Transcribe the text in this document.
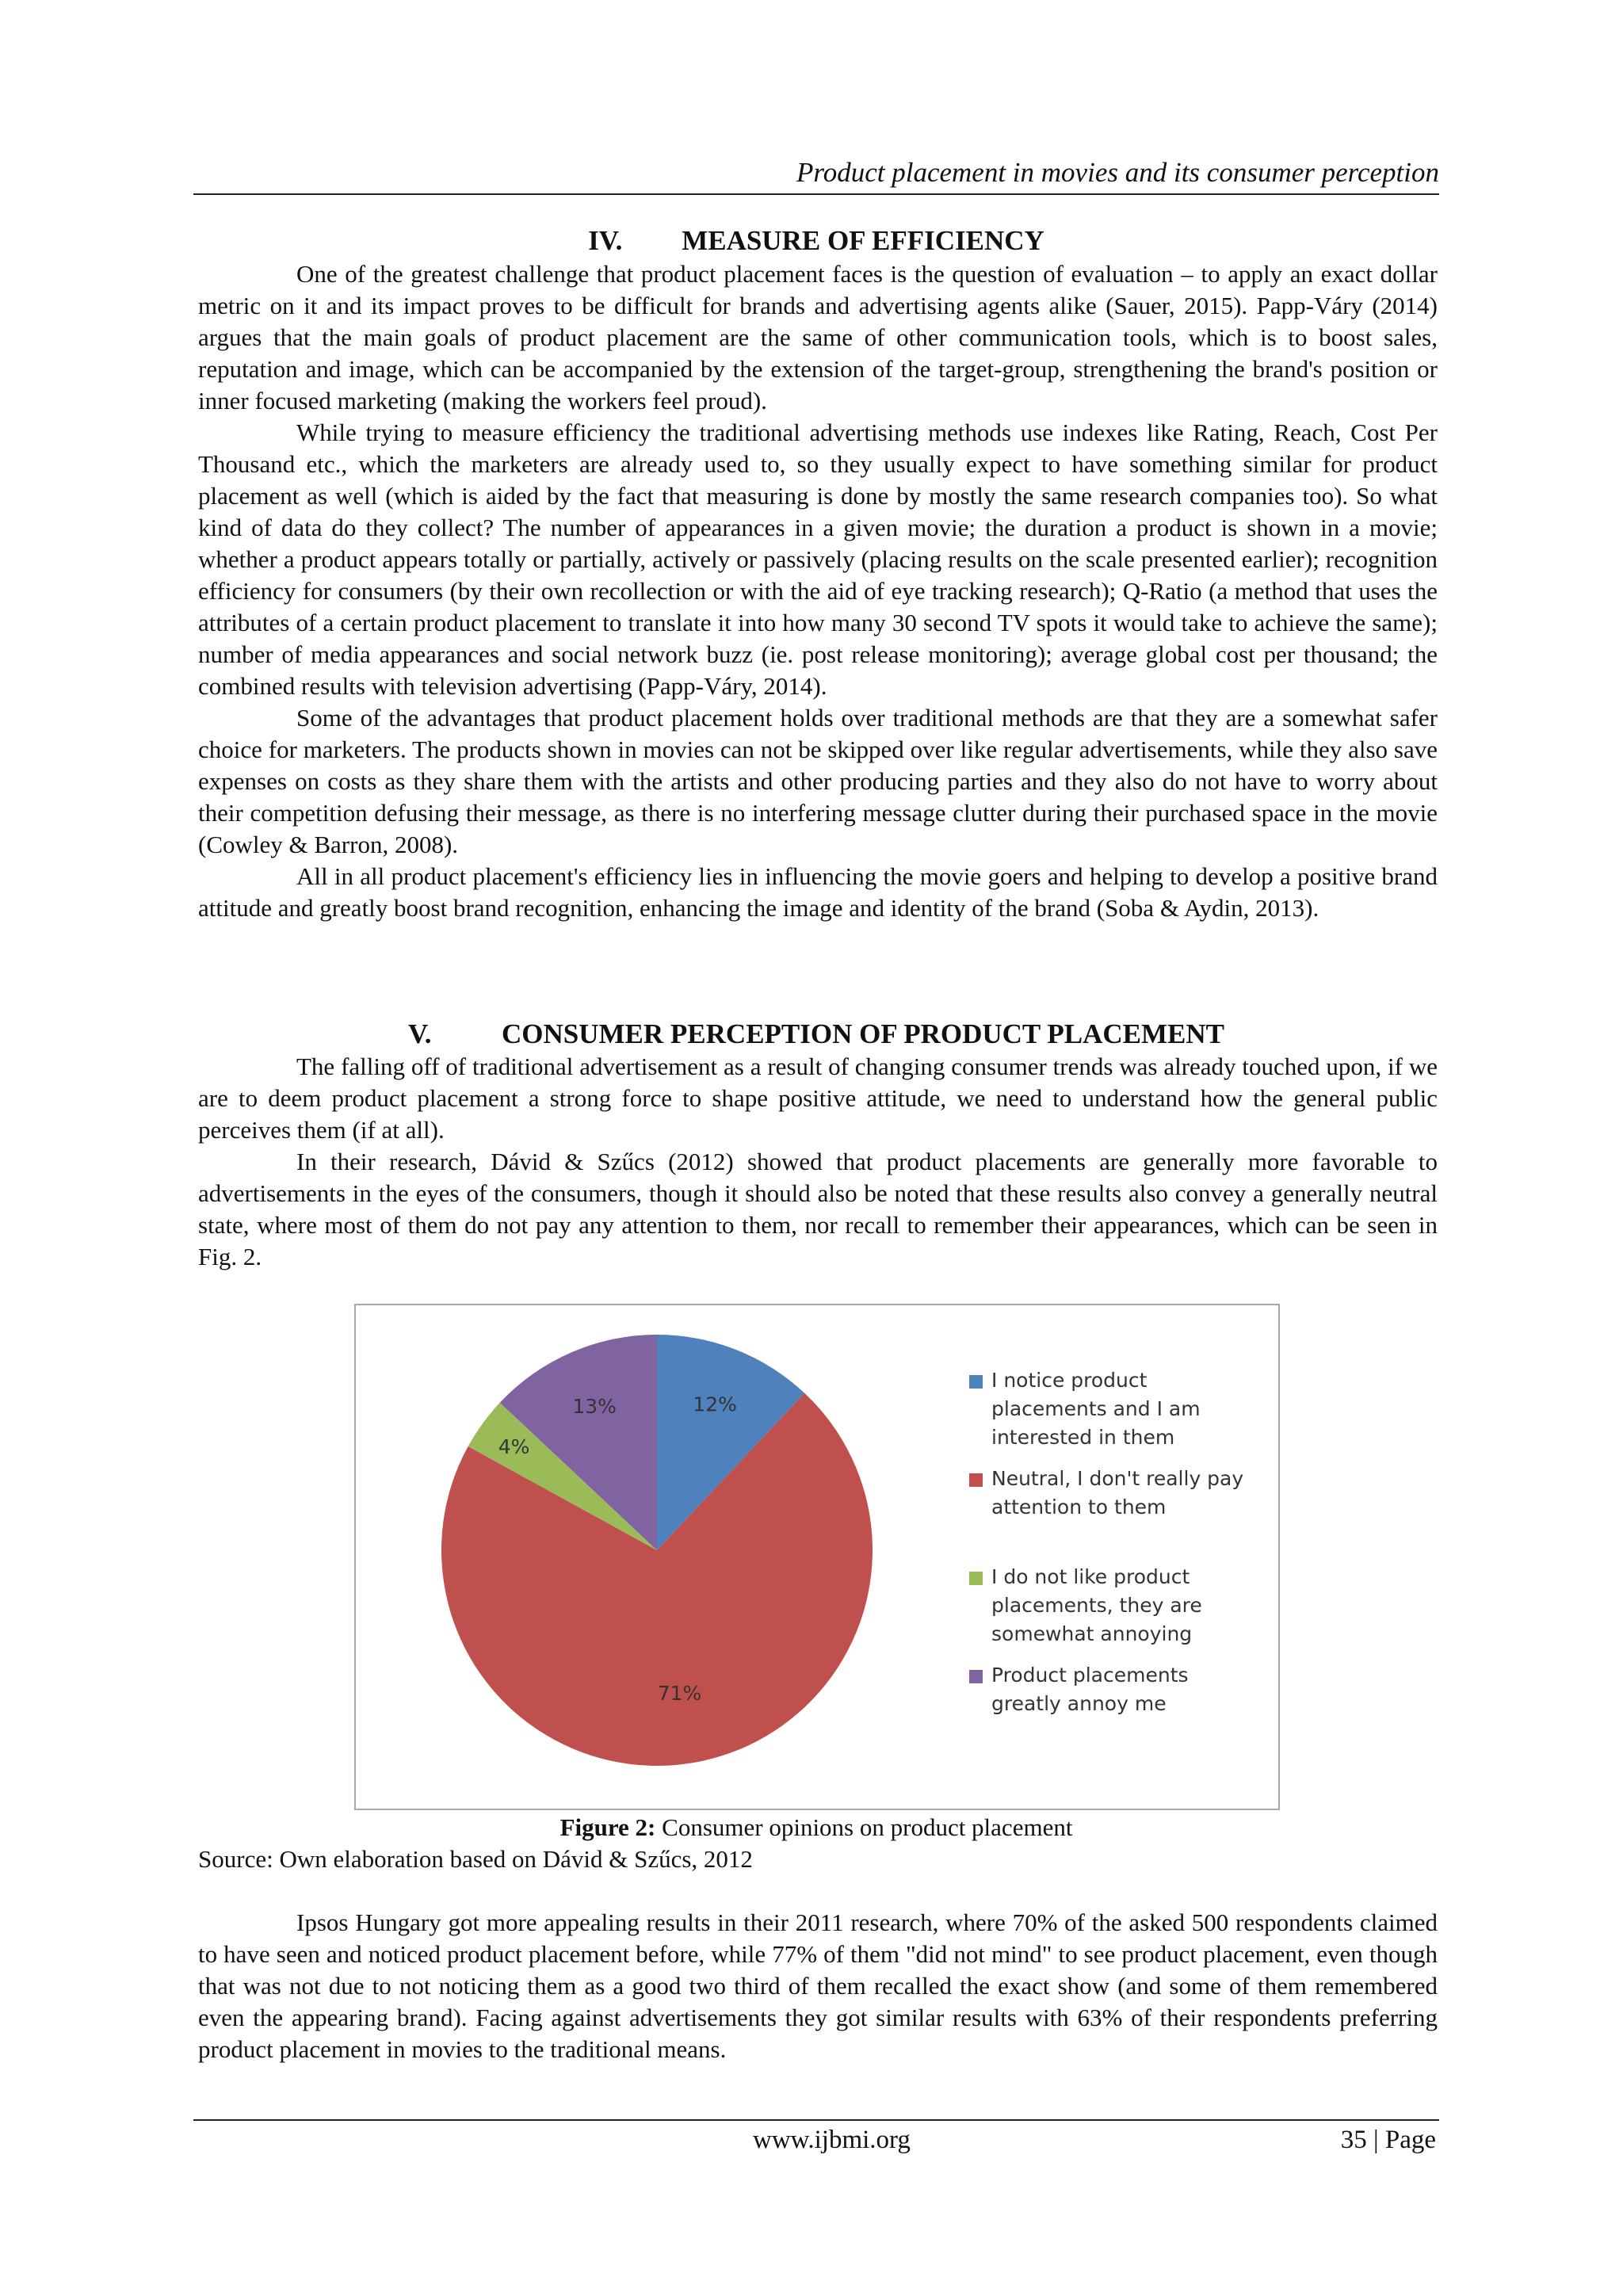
Product placement in movies and its consumer perception
IV. MEASURE OF EFFICIENCY

One of the greatest challenge that product placement faces is the question of evaluation – to apply an exact dollar metric on it and its impact proves to be difficult for brands and advertising agents alike (Sauer, 2015). Papp-Váry (2014) argues that the main goals of product placement are the same of other communication tools, which is to boost sales, reputation and image, which can be accompanied by the extension of the target-group, strengthening the brand's position or inner focused marketing (making the workers feel proud).

While trying to measure efficiency the traditional advertising methods use indexes like Rating, Reach, Cost Per Thousand etc., which the marketers are already used to, so they usually expect to have something similar for product placement as well (which is aided by the fact that measuring is done by mostly the same research companies too). So what kind of data do they collect? The number of appearances in a given movie; the duration a product is shown in a movie; whether a product appears totally or partially, actively or passively (placing results on the scale presented earlier); recognition efficiency for consumers (by their own recollection or with the aid of eye tracking research); Q-Ratio (a method that uses the attributes of a certain product placement to translate it into how many 30 second TV spots it would take to achieve the same); number of media appearances and social network buzz (ie. post release monitoring); average global cost per thousand; the combined results with television advertising (Papp-Váry, 2014).

Some of the advantages that product placement holds over traditional methods are that they are a somewhat safer choice for marketers. The products shown in movies can not be skipped over like regular advertisements, while they also save expenses on costs as they share them with the artists and other producing parties and they also do not have to worry about their competition defusing their message, as there is no interfering message clutter during their purchased space in the movie (Cowley & Barron, 2008).

All in all product placement's efficiency lies in influencing the movie goers and helping to develop a positive brand attitude and greatly boost brand recognition, enhancing the image and identity of the brand (Soba & Aydin, 2013).

V.	CONSUMER PERCEPTION OF PRODUCT PLACEMENT

The falling off of traditional advertisement as a result of changing consumer trends was already touched upon, if we are to deem product placement a strong force to shape positive attitude, we need to understand how the general public perceives them (if at all).

In their research, Dávid & Szűcs (2012) showed that product placements are generally more favorable to advertisements in the eyes of the consumers, though it should also be noted that these results also convey a generally neutral state, where most of them do not pay any attention to them, nor recall to remember their appearances, which can be seen in Fig. 2.

12%
71%
4%
13%
I notice product
placements and I am
interested in them
Neutral, I don't really pay
attention to them
I do not like product
placements, they are
somewhat annoying
Product placements
greatly annoy me
Figure 2: Consumer opinions on product placement
Source: Own elaboration based on Dávid & Szűcs, 2012

Ipsos Hungary got more appealing results in their 2011 research, where 70% of the asked 500 respondents claimed to have seen and noticed product placement before, while 77% of them "did not mind" to see product placement, even though that was not due to not noticing them as a good two third of them recalled the exact show (and some of them remembered even the appearing brand). Facing against advertisements they got similar results with 63% of their respondents preferring product placement in movies to the traditional means.

www.ijbmi.org	35 | Page
